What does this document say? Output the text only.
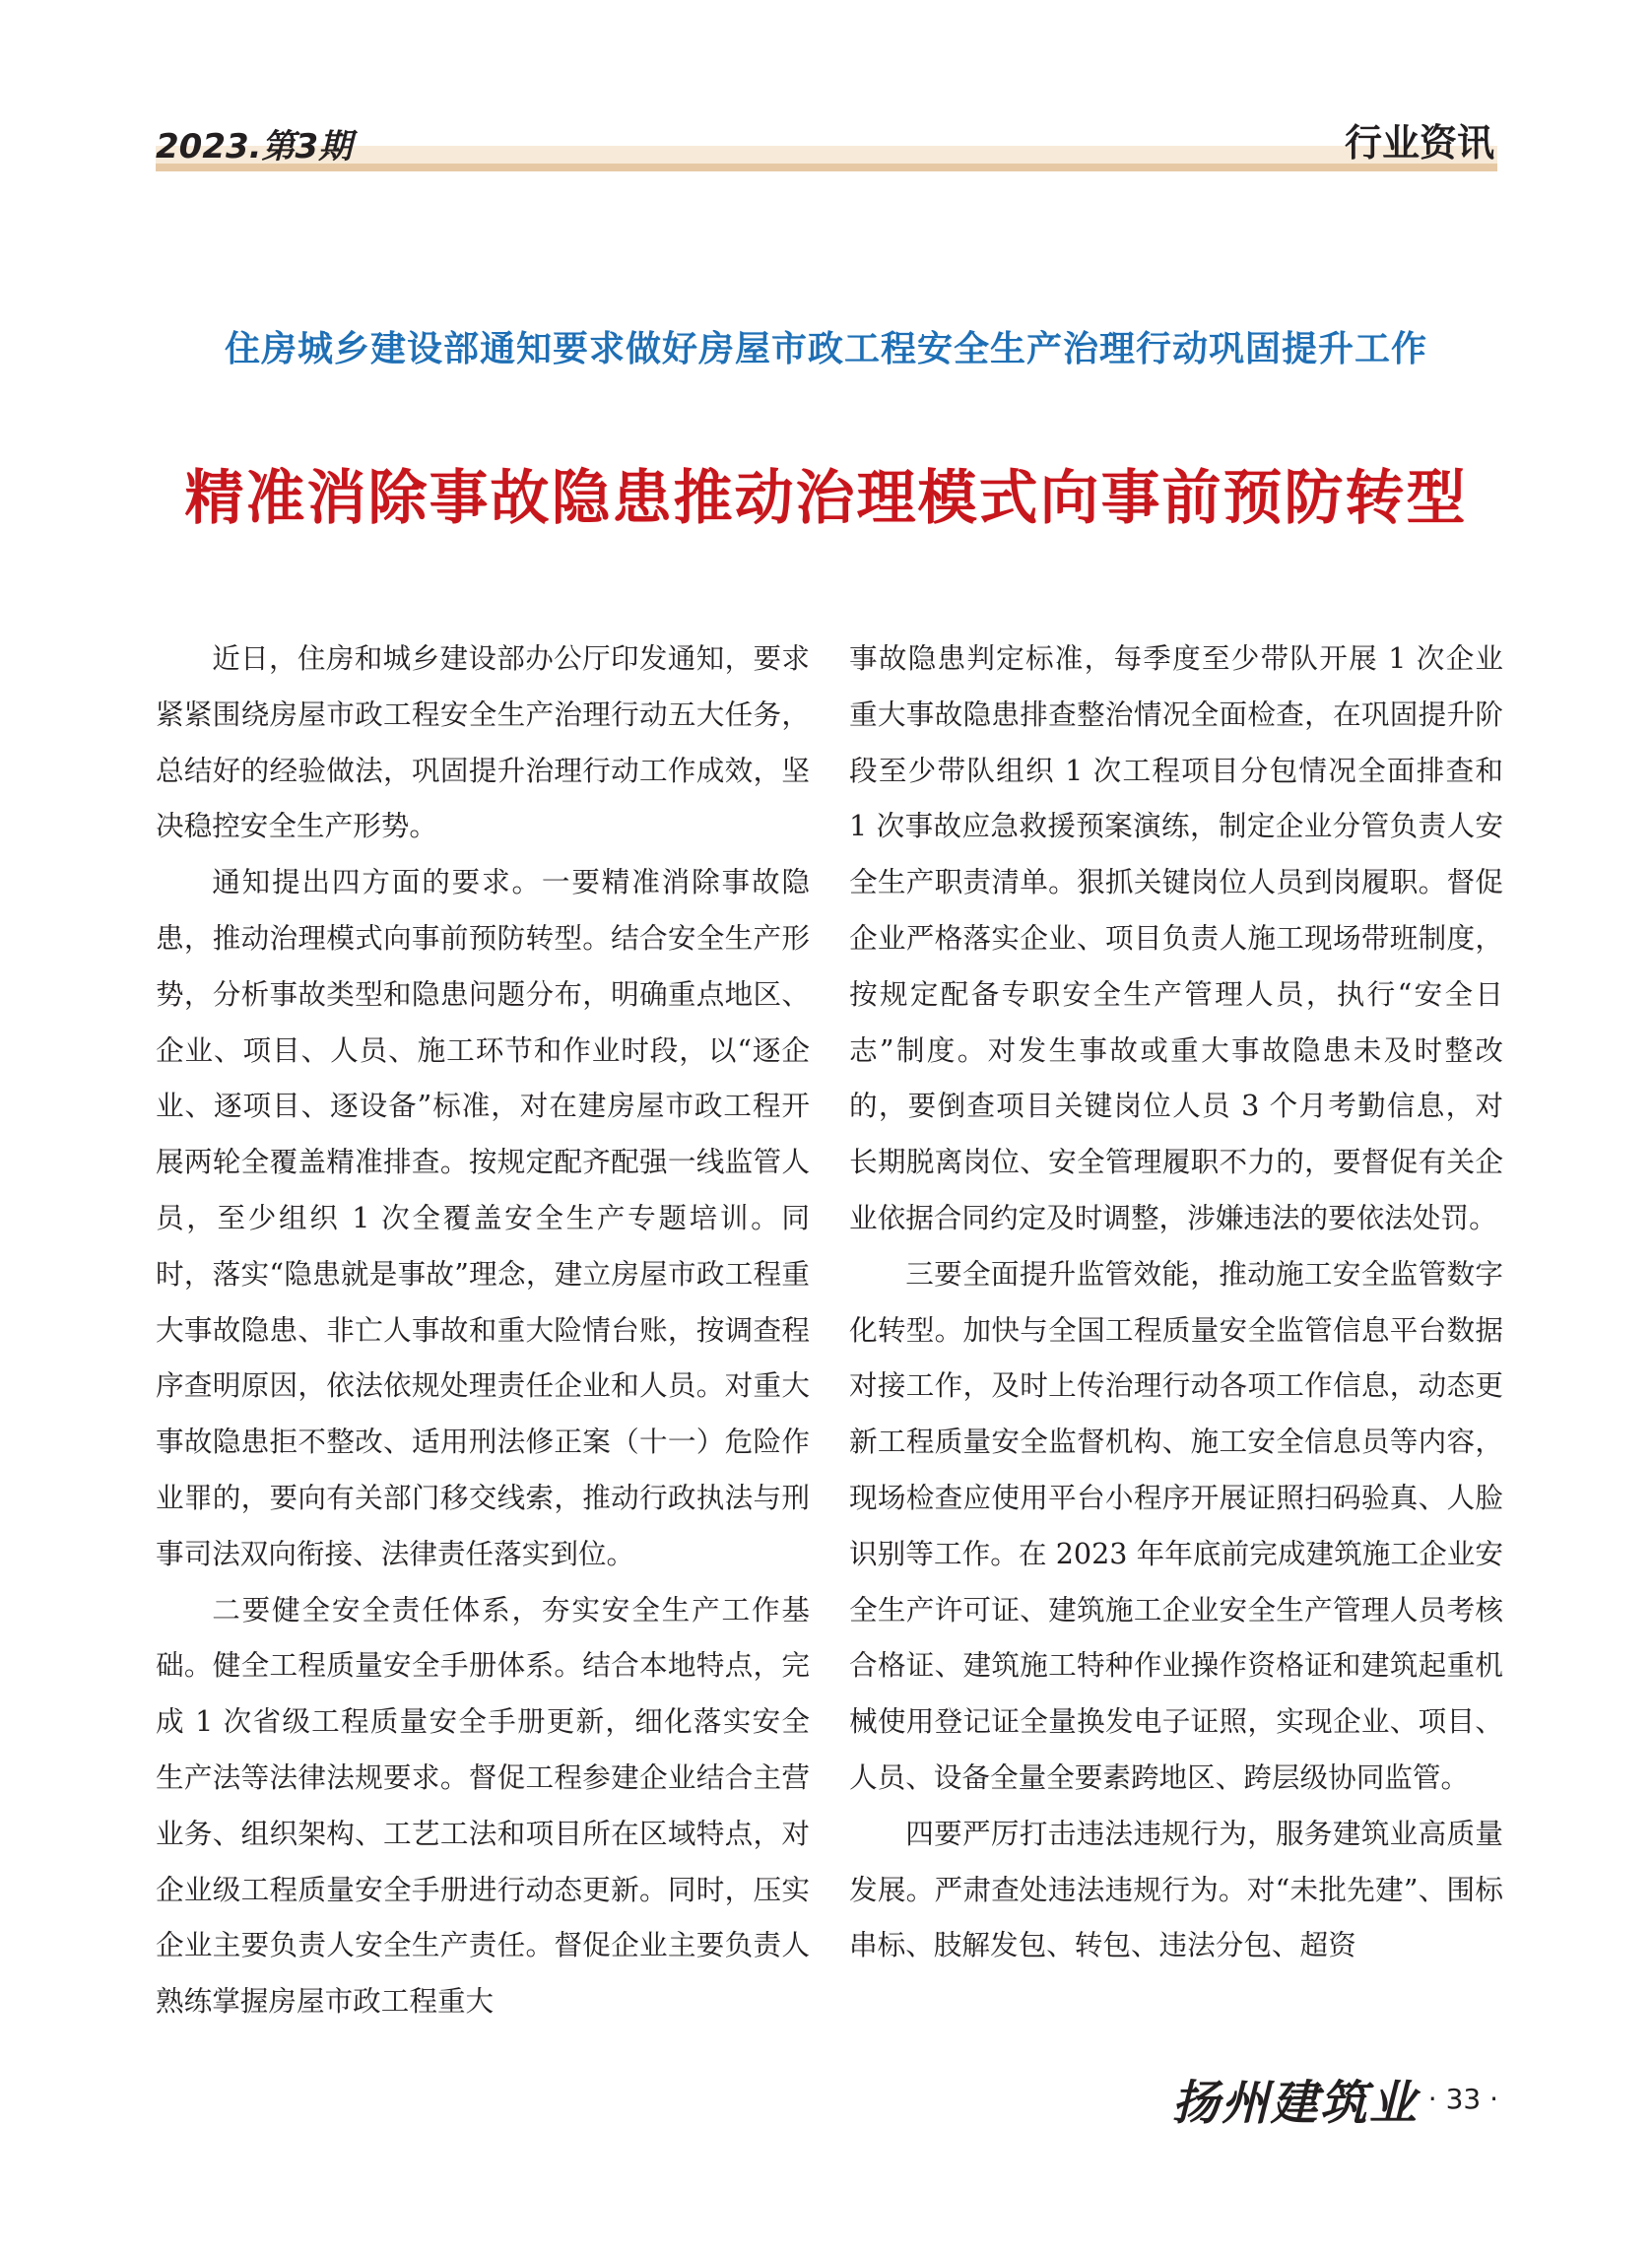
2023.第3期	行业资讯
住房城乡建设部通知要求做好房屋市政工程安全生产治理行动巩固提升工作
精准消除事故隐患推动治理模式向事前预防转型

近日，住房和城乡建设部办公厅印发通知，要求紧紧围绕房屋市政工程安全生产治理行动五大任务，总结好的经验做法，巩固提升治理行动工作成效，坚决稳控安全生产形势。

通知提出四方面的要求。一要精准消除事故隐患，推动治理模式向事前预防转型。结合安全生产形势，分析事故类型和隐患问题分布，明确重点地区、企业、项目、人员、施工环节和作业时段，以“逐企业、逐项目、逐设备”标准，对在建房屋市政工程开展两轮全覆盖精准排查。按规定配齐配强一线监管人员，至少组织 1 次全覆盖安全生产专题培训。同时，落实“隐患就是事故”理念，建立房屋市政工程重大事故隐患、非亡人事故和重大险情台账，按调查程序查明原因，依法依规处理责任企业和人员。对重大事故隐患拒不整改、适用刑法修正案（十一）危险作业罪的，要向有关部门移交线索，推动行政执法与刑事司法双向衔接、法律责任落实到位。

二要健全安全责任体系，夯实安全生产工作基础。健全工程质量安全手册体系。结合本地特点，完成 1 次省级工程质量安全手册更新，细化落实安全生产法等法律法规要求。督促工程参建企业结合主营业务、组织架构、工艺工法和项目所在区域特点，对企业级工程质量安全手册进行动态更新。同时，压实企业主要负责人安全生产责任。督促企业主要负责人熟练掌握房屋市政工程重大

事故隐患判定标准，每季度至少带队开展 1 次企业重大事故隐患排查整治情况全面检查，在巩固提升阶段至少带队组织 1 次工程项目分包情况全面排查和 1 次事故应急救援预案演练，制定企业分管负责人安全生产职责清单。狠抓关键岗位人员到岗履职。督促企业严格落实企业、项目负责人施工现场带班制度，按规定配备专职安全生产管理人员，执行“安全日志”制度。对发生事故或重大事故隐患未及时整改的，要倒查项目关键岗位人员 3 个月考勤信息，对长期脱离岗位、安全管理履职不力的，要督促有关企业依据合同约定及时调整，涉嫌违法的要依法处罚。

三要全面提升监管效能，推动施工安全监管数字化转型。加快与全国工程质量安全监管信息平台数据对接工作，及时上传治理行动各项工作信息，动态更新工程质量安全监督机构、施工安全信息员等内容，现场检查应使用平台小程序开展证照扫码验真、人脸识别等工作。在 2023 年年底前完成建筑施工企业安全生产许可证、建筑施工企业安全生产管理人员考核合格证、建筑施工特种作业操作资格证和建筑起重机械使用登记证全量换发电子证照，实现企业、项目、人员、设备全量全要素跨地区、跨层级协同监管。

四要严厉打击违法违规行为，服务建筑业高质量发展。严肃查处违法违规行为。对“未批先建”、围标串标、肢解发包、转包、违法分包、超资

扬州建筑业 · 33 ·
